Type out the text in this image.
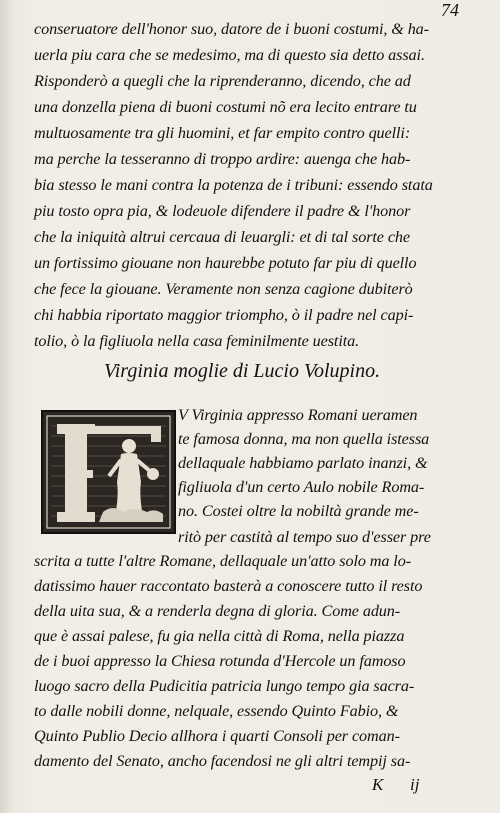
74
conseruatore dell'honor suo, datore de i buoni costumi, & ha-
uerla piu cara che se medesimo, ma di questo sia detto assai.
Risponderò a quegli che la riprenderanno, dicendo, che ad
una donzella piena di buoni costumi nõ era lecito entrare tu
multuosamente tra gli huomini, et far empito contro quelli:
ma perche la tesseranno di troppo ardire: auenga che hab-
bia stesso le mani contra la potenza de i tribuni: essendo stata
piu tosto opra pia, & lodeuole difendere il padre & l'honor
che la iniquità altrui cercaua di leuargli: et di tal sorte che
un fortissimo giouane non haurebbe potuto far piu di quello
che fece la giouane. Veramente non senza cagione dubiterò
chi habbia riportato maggior triompho, ò il padre nel capi-
tolio, ò la figliuola nella casa feminilmente uestita.
Virginia moglie di Lucio Volupino.
V Virginia appresso Romani ueramen
te famosa donna, ma non quella istessa
dellaquale habbiamo parlato inanzi, &
figliuola d'un certo Aulo nobile Roma-
no. Costei oltre la nobiltà grande me-
ritò per castità al tempo suo d'esser pre
scrita a tutte l'altre Romane, dellaquale un'atto solo ma lo-
datissimo hauer raccontato basterà a conoscere tutto il resto
della uita sua, & a renderla degna di gloria. Come adun-
que è assai palese, fu gia nella città di Roma, nella piazza
de i buoi appresso la Chiesa rotunda d'Hercole un famoso
luogo sacro della Pudicitia patricia lungo tempo gia sacra-
to dalle nobili donne, nelquale, essendo Quinto Fabio, &
Quinto Publio Decio allhora i quarti Consoli per coman-
damento del Senato, ancho facendosi ne gli altri tempij sa-
K ij
